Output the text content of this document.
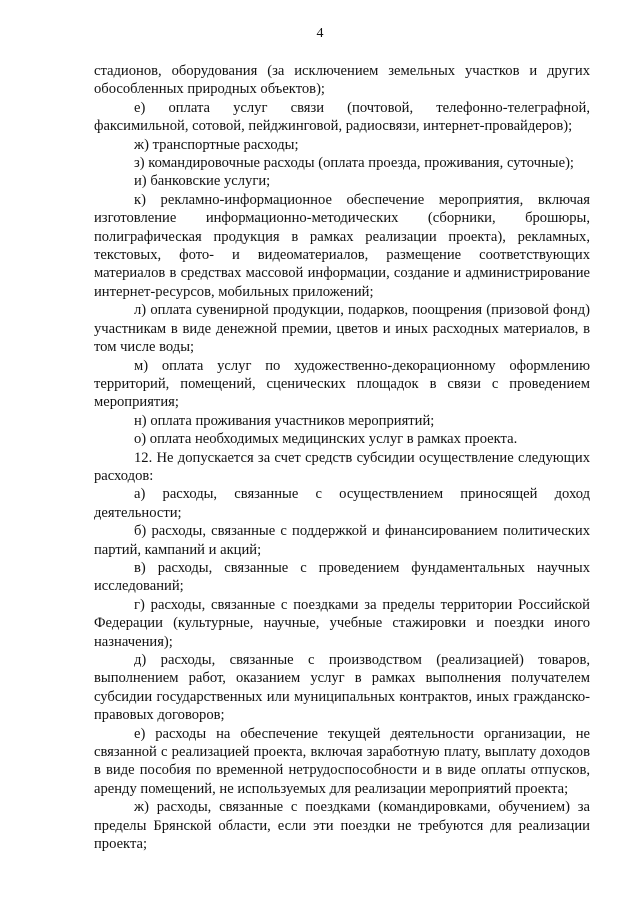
4

стадионов, оборудования (за исключением земельных участков и других обособленных природных объектов);

е) оплата услуг связи (почтовой, телефонно-телеграфной, факсимильной, сотовой, пейджинговой, радиосвязи, интернет-провайдеров);

ж) транспортные расходы;

з) командировочные расходы (оплата проезда, проживания, суточные);

и) банковские услуги;

к) рекламно-информационное обеспечение мероприятия, включая изготовление информационно-методических (сборники, брошюры, полиграфическая продукция в рамках реализации проекта), рекламных, текстовых, фото- и видеоматериалов, размещение соответствующих материалов в средствах массовой информации, создание и администрирование интернет-ресурсов, мобильных приложений;

л) оплата сувенирной продукции, подарков, поощрения (призовой фонд) участникам в виде денежной премии, цветов и иных расходных материалов, в том числе воды;

м) оплата услуг по художественно-декорационному оформлению территорий, помещений, сценических площадок в связи с проведением мероприятия;

н) оплата проживания участников мероприятий;

о) оплата необходимых медицинских услуг в рамках проекта.

12. Не допускается за счет средств субсидии осуществление следующих расходов:

а) расходы, связанные с осуществлением приносящей доход деятельности;

б) расходы, связанные с поддержкой и финансированием политических партий, кампаний и акций;

в) расходы, связанные с проведением фундаментальных научных исследований;

г) расходы, связанные с поездками за пределы территории Российской Федерации (культурные, научные, учебные стажировки и поездки иного назначения);

д) расходы, связанные с производством (реализацией) товаров, выполнением работ, оказанием услуг в рамках выполнения получателем субсидии государственных или муниципальных контрактов, иных гражданско-правовых договоров;

е) расходы на обеспечение текущей деятельности организации, не связанной с реализацией проекта, включая заработную плату, выплату доходов в виде пособия по временной нетрудоспособности и в виде оплаты отпусков, аренду помещений, не используемых для реализации мероприятий проекта;

ж) расходы, связанные с поездками (командировками, обучением) за пределы Брянской области, если эти поездки не требуются для реализации проекта;
